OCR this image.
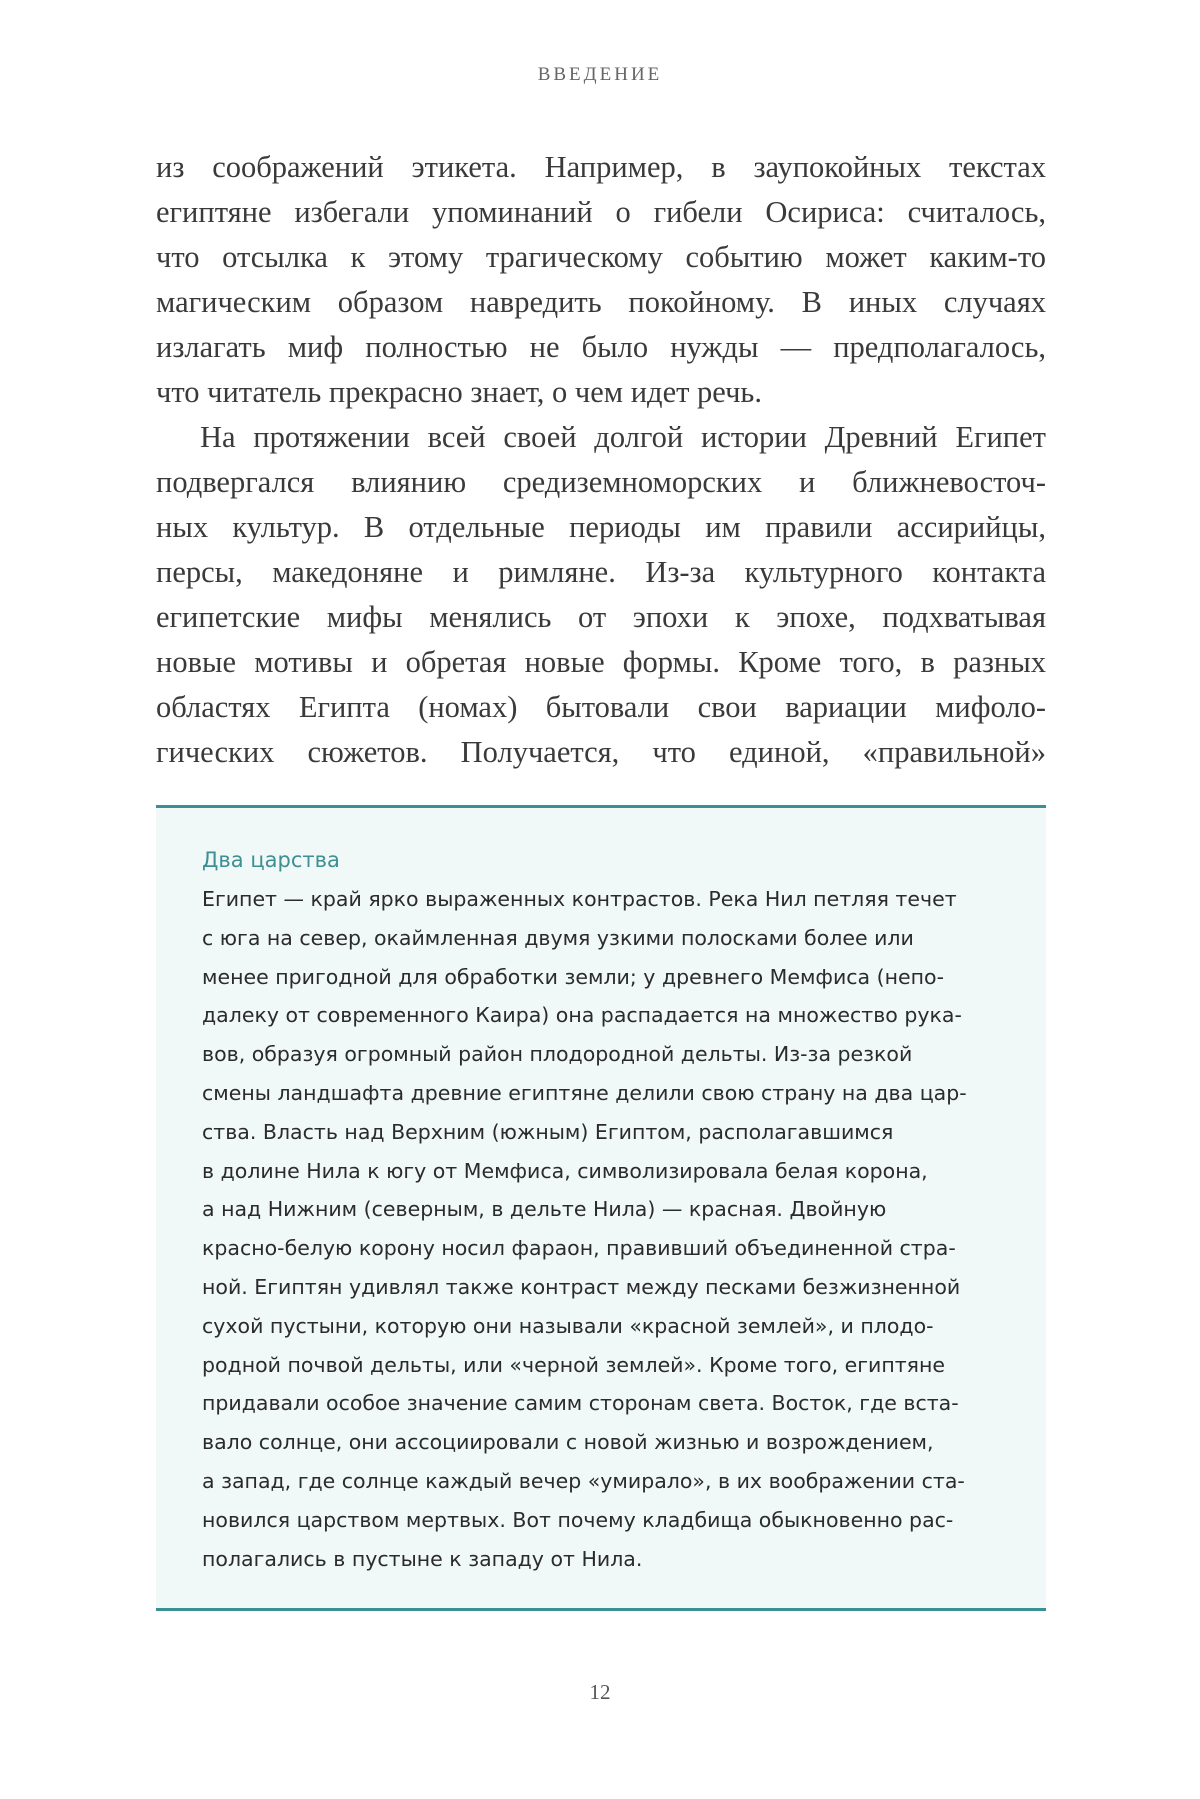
ВВЕДЕНИЕ
из соображений этикета. Например, в заупокойных текстах
египтяне избегали упоминаний о гибели Осириса: считалось,
что отсылка к этому трагическому событию может каким-то
магическим образом навредить покойному. В иных случаях
излагать миф полностью не было нужды — предполагалось,
что читатель прекрасно знает, о чем идет речь.
На протяжении всей своей долгой истории Древний Египет
подвергался влиянию средиземноморских и ближневосточ-
ных культур. В отдельные периоды им правили ассирийцы,
персы, македоняне и римляне. Из-за культурного контакта
египетские мифы менялись от эпохи к эпохе, подхватывая
новые мотивы и обретая новые формы. Кроме того, в разных
областях Египта (номах) бытовали свои вариации мифоло-
гических сюжетов. Получается, что единой, «правильной»
Два царства
Египет — край ярко выраженных контрастов. Река Нил петляя течет
с юга на север, окаймленная двумя узкими полосками более или
менее пригодной для обработки земли; у древнего Мемфиса (непо-
далеку от современного Каира) она распадается на множество рука-
вов, образуя огромный район плодородной дельты. Из-за резкой
смены ландшафта древние египтяне делили свою страну на два цар-
ства. Власть над Верхним (южным) Египтом, располагавшимся
в долине Нила к югу от Мемфиса, символизировала белая корона,
а над Нижним (северным, в дельте Нила) — красная. Двойную
красно-белую корону носил фараон, правивший объединенной стра-
ной. Египтян удивлял также контраст между песками безжизненной
сухой пустыни, которую они называли «красной землей», и плодо-
родной почвой дельты, или «черной землей». Кроме того, египтяне
придавали особое значение самим сторонам света. Восток, где вста-
вало солнце, они ассоциировали с новой жизнью и возрождением,
а запад, где солнце каждый вечер «умирало», в их воображении ста-
новился царством мертвых. Вот почему кладбища обыкновенно рас-
полагались в пустыне к западу от Нила.
12
